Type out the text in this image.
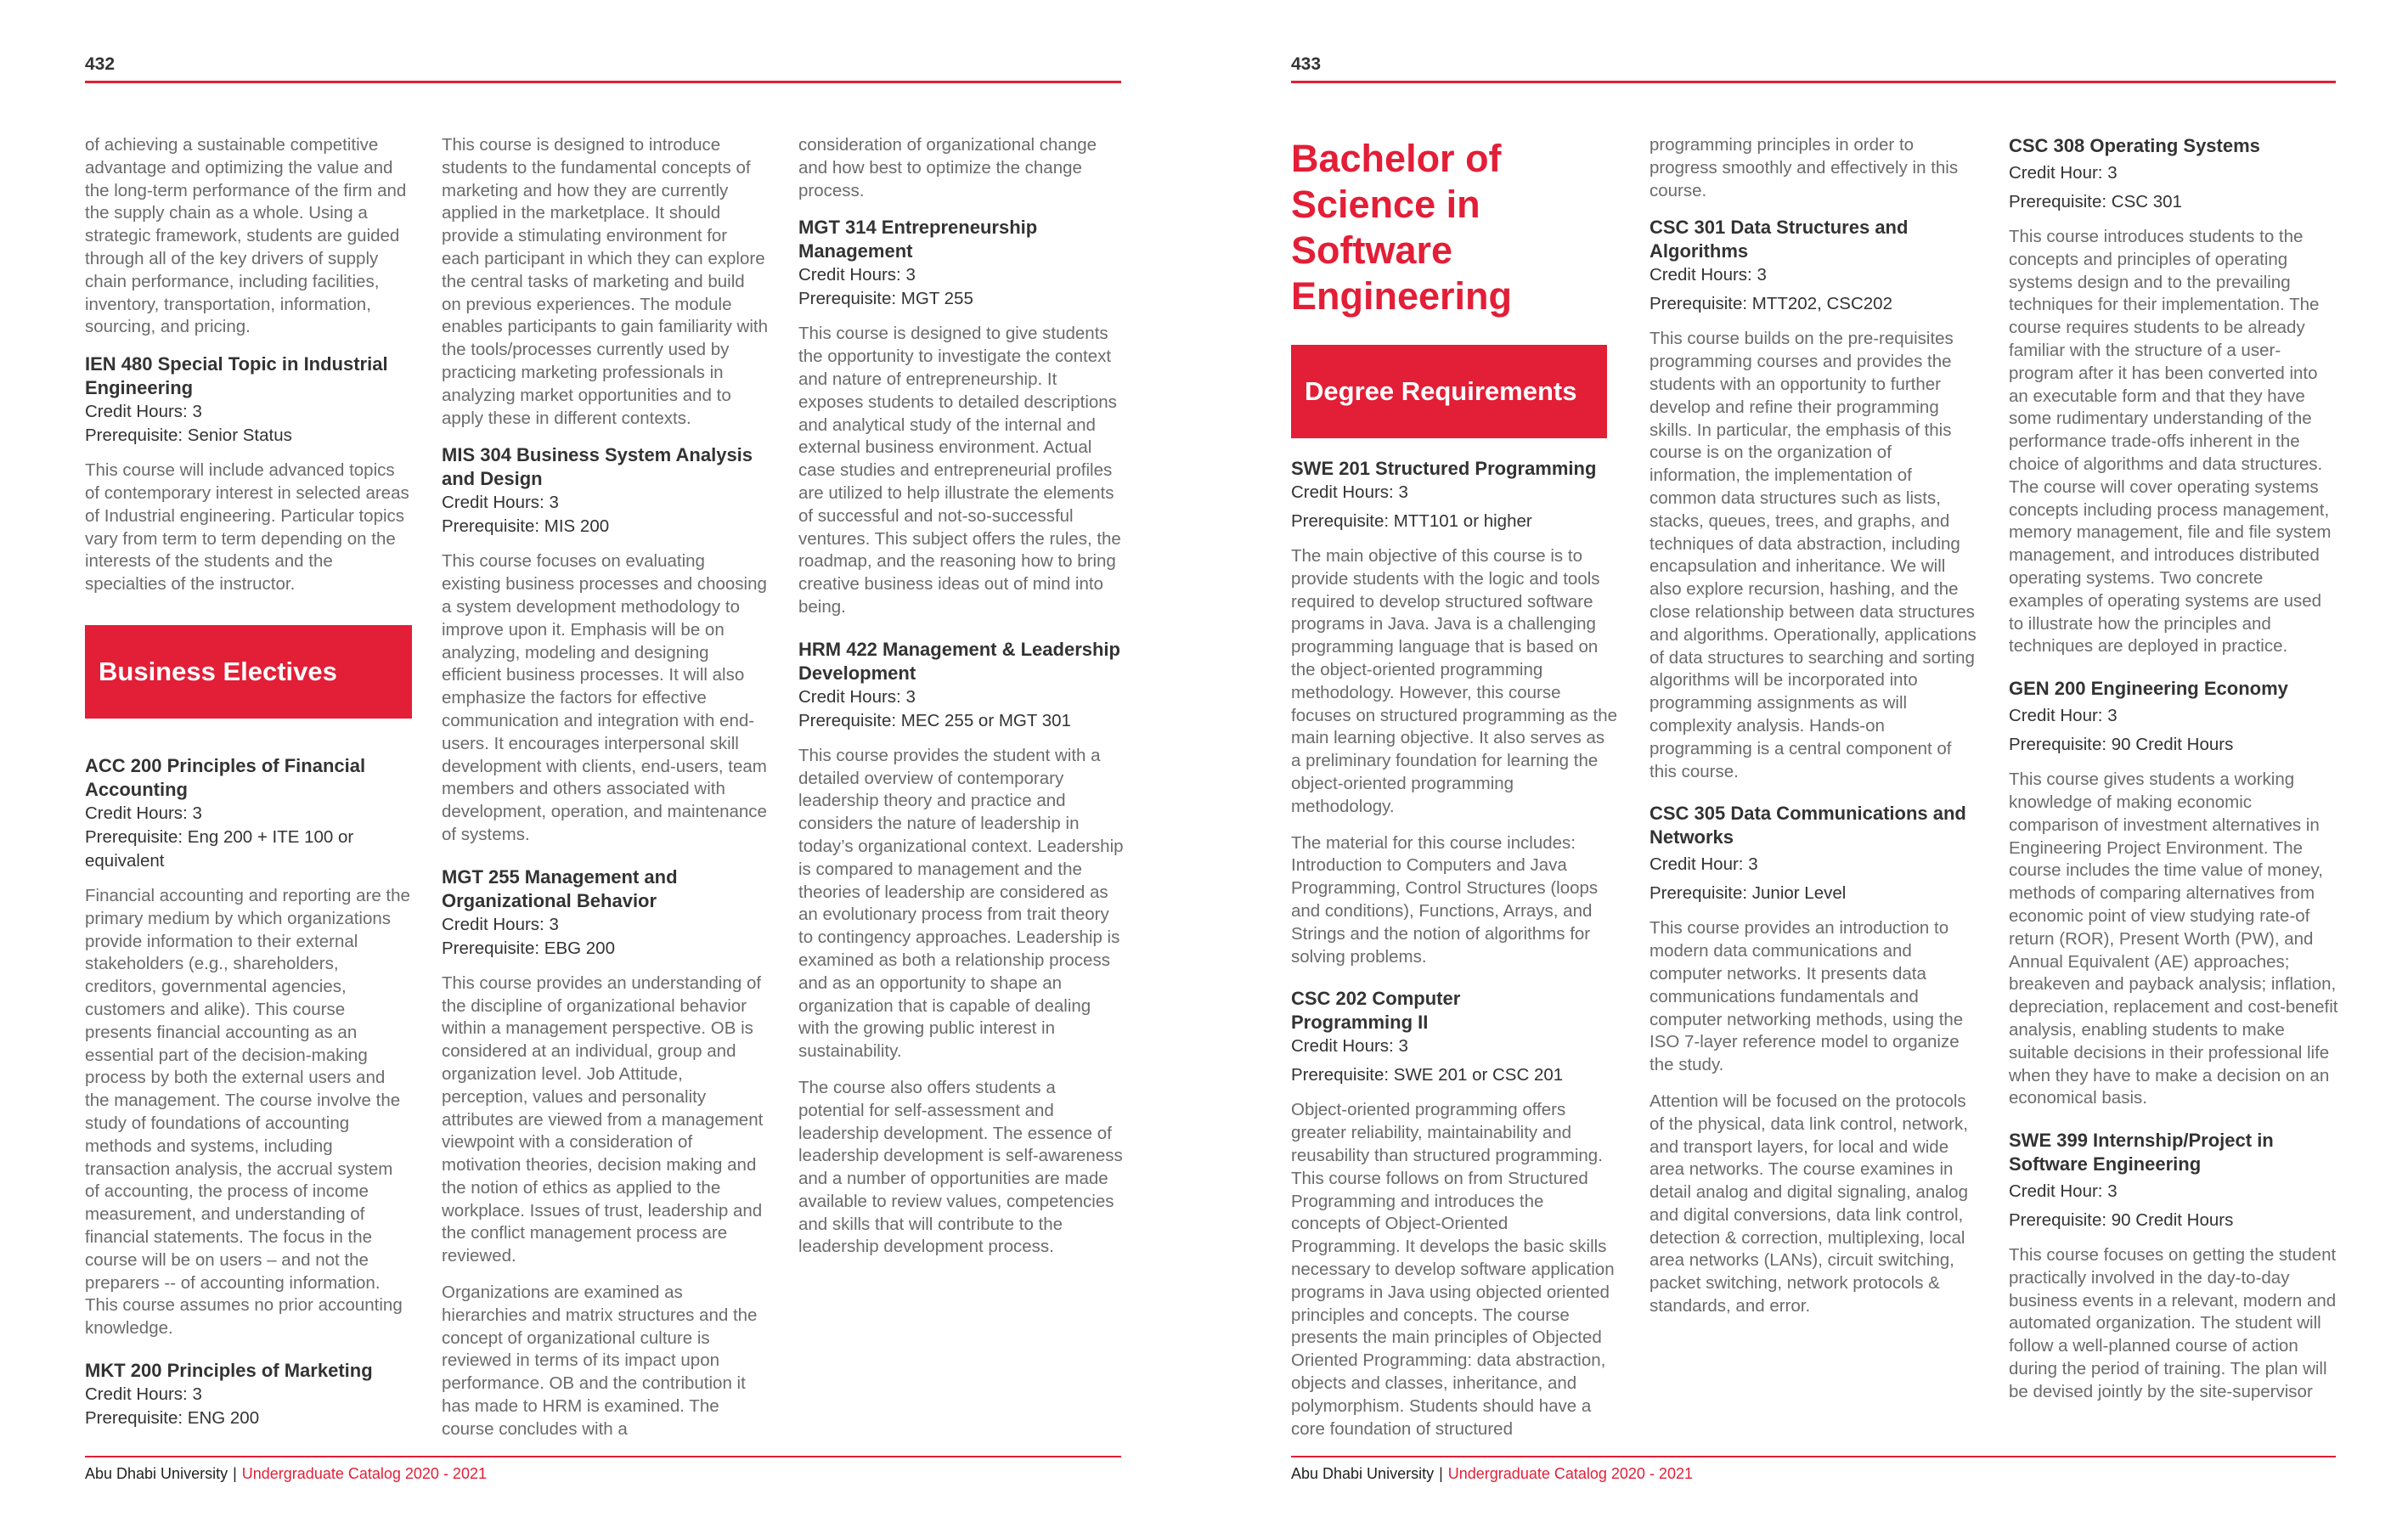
432

of achieving a sustainable competitive advantage and optimizing the value and the long-term performance of the firm and the supply chain as a whole. Using a strategic framework, students are guided through all of the key drivers of supply chain performance, including facilities, inventory, transportation, information, sourcing, and pricing.

IEN 480 Special Topic in Industrial Engineering
Credit Hours: 3
Prerequisite: Senior Status

This course will include advanced topics of contemporary interest in selected areas of Industrial engineering. Particular topics vary from term to term depending on the interests of the students and the specialties of the instructor.

Business Electives
ACC 200 Principles of Financial Accounting
Credit Hours: 3
Prerequisite: Eng 200 + ITE 100 or equivalent

Financial accounting and reporting are the primary medium by which organizations provide information to their external stakeholders (e.g., shareholders, creditors, governmental agencies, customers and alike). This course presents financial accounting as an essential part of the decision-making process by both the external users and the management. The course involve the study of foundations of accounting methods and systems, including transaction analysis, the accrual system of accounting, the process of income measurement, and understanding of financial statements. The focus in the course will be on users – and not the preparers -- of accounting information. This course assumes no prior accounting knowledge.

MKT 200 Principles of Marketing
Credit Hours: 3
Prerequisite: ENG 200

This course is designed to introduce students to the fundamental concepts of marketing and how they are currently applied in the marketplace. It should provide a stimulating environment for each participant in which they can explore the central tasks of marketing and build on previous experiences. The module enables participants to gain familiarity with the tools/processes currently used by practicing marketing professionals in analyzing market opportunities and to apply these in different contexts.

MIS 304 Business System Analysis and Design
Credit Hours: 3
Prerequisite: MIS 200

This course focuses on evaluating existing business processes and choosing a system development methodology to improve upon it. Emphasis will be on analyzing, modeling and designing efficient business processes. It will also emphasize the factors for effective communication and integration with end-users. It encourages interpersonal skill development with clients, end-users, team members and others associated with development, operation, and maintenance of systems.

MGT 255 Management and Organizational Behavior
Credit Hours: 3
Prerequisite: EBG 200

This course provides an understanding of the discipline of organizational behavior within a management perspective. OB is considered at an individual, group and organization level. Job Attitude, perception, values and personality attributes are viewed from a management viewpoint with a consideration of motivation theories, decision making and the notion of ethics as applied to the workplace. Issues of trust, leadership and the conflict management process are reviewed.

Organizations are examined as hierarchies and matrix structures and the concept of organizational culture is reviewed in terms of its impact upon performance. OB and the contribution it has made to HRM is examined. The course concludes with a

consideration of organizational change and how best to optimize the change process.

MGT 314 Entrepreneurship Management
Credit Hours: 3
Prerequisite: MGT 255

This course is designed to give students the opportunity to investigate the context and nature of entrepreneurship. It exposes students to detailed descriptions and analytical study of the internal and external business environment. Actual case studies and entrepreneurial profiles are utilized to help illustrate the elements of successful and not-so-successful ventures. This subject offers the rules, the roadmap, and the reasoning how to bring creative business ideas out of mind into being.

HRM 422 Management & Leadership Development
Credit Hours: 3
Prerequisite: MEC 255 or MGT 301

This course provides the student with a detailed overview of contemporary leadership theory and practice and considers the nature of leadership in today’s organizational context. Leadership is compared to management and the theories of leadership are considered as an evolutionary process from trait theory to contingency approaches. Leadership is examined as both a relationship process and as an opportunity to shape an organization that is capable of dealing with the growing public interest in sustainability.

The course also offers students a potential for self-assessment and leadership development. The essence of leadership development is self-awareness and a number of opportunities are made available to review values, competencies and skills that will contribute to the leadership development process.

Abu Dhabi University | Undergraduate Catalog 2020 - 2021
433
Bachelor of Science in Software Engineering
Degree Requirements
SWE 201 Structured Programming
Credit Hours: 3
Prerequisite: MTT101 or higher

The main objective of this course is to provide students with the logic and tools required to develop structured software programs in Java. Java is a challenging programming language that is based on the object-oriented programming methodology. However, this course focuses on structured programming as the main learning objective. It also serves as a preliminary foundation for learning the object-oriented programming methodology.

The material for this course includes: Introduction to Computers and Java Programming, Control Structures (loops and conditions), Functions, Arrays, and Strings and the notion of algorithms for solving problems.

CSC 202 Computer Programming II
Credit Hours: 3
Prerequisite: SWE 201 or CSC 201

Object-oriented programming offers greater reliability, maintainability and reusability than structured programming. This course follows on from Structured Programming and introduces the concepts of Object-Oriented Programming. It develops the basic skills necessary to develop software application programs in Java using objected oriented principles and concepts. The course presents the main principles of Objected Oriented Programming: data abstraction, objects and classes, inheritance, and polymorphism. Students should have a core foundation of structured

programming principles in order to progress smoothly and effectively in this course.

CSC 301 Data Structures and Algorithms
Credit Hours: 3
Prerequisite: MTT202, CSC202

This course builds on the pre-requisites programming courses and provides the students with an opportunity to further develop and refine their programming skills. In particular, the emphasis of this course is on the organization of information, the implementation of common data structures such as lists, stacks, queues, trees, and graphs, and techniques of data abstraction, including encapsulation and inheritance. We will also explore recursion, hashing, and the close relationship between data structures and algorithms. Operationally, applications of data structures to searching and sorting algorithms will be incorporated into programming assignments as will complexity analysis. Hands-on programming is a central component of this course.

CSC 305 Data Communications and Networks
Credit Hour: 3
Prerequisite: Junior Level

This course provides an introduction to modern data communications and computer networks. It presents data communications fundamentals and computer networking methods, using the ISO 7-layer reference model to organize the study.

Attention will be focused on the protocols of the physical, data link control, network, and transport layers, for local and wide area networks. The course examines in detail analog and digital signaling, analog and digital conversions, data link control, detection & correction, multiplexing, local area networks (LANs), circuit switching, packet switching, network protocols & standards, and error.

CSC 308 Operating Systems
Credit Hour: 3
Prerequisite: CSC 301

This course introduces students to the concepts and principles of operating systems design and to the prevailing techniques for their implementation. The course requires students to be already familiar with the structure of a user-program after it has been converted into an executable form and that they have some rudimentary understanding of the performance trade-offs inherent in the choice of algorithms and data structures. The course will cover operating systems concepts including process management, memory management, file and file system management, and introduces distributed operating systems. Two concrete examples of operating systems are used to illustrate how the principles and techniques are deployed in practice.

GEN 200 Engineering Economy
Credit Hour: 3
Prerequisite: 90 Credit Hours

This course gives students a working knowledge of making economic comparison of investment alternatives in Engineering Project Environment. The course includes the time value of money, methods of comparing alternatives from economic point of view studying rate-of return (ROR), Present Worth (PW), and Annual Equivalent (AE) approaches; breakeven and payback analysis; inflation, depreciation, replacement and cost-benefit analysis, enabling students to make suitable decisions in their professional life when they have to make a decision on an economical basis.

SWE 399 Internship/Project in Software Engineering
Credit Hour: 3
Prerequisite: 90 Credit Hours

This course focuses on getting the student practically involved in the day-to-day business events in a relevant, modern and automated organization. The student will follow a well-planned course of action during the period of training. The plan will be devised jointly by the site-supervisor

Abu Dhabi University | Undergraduate Catalog 2020 - 2021
